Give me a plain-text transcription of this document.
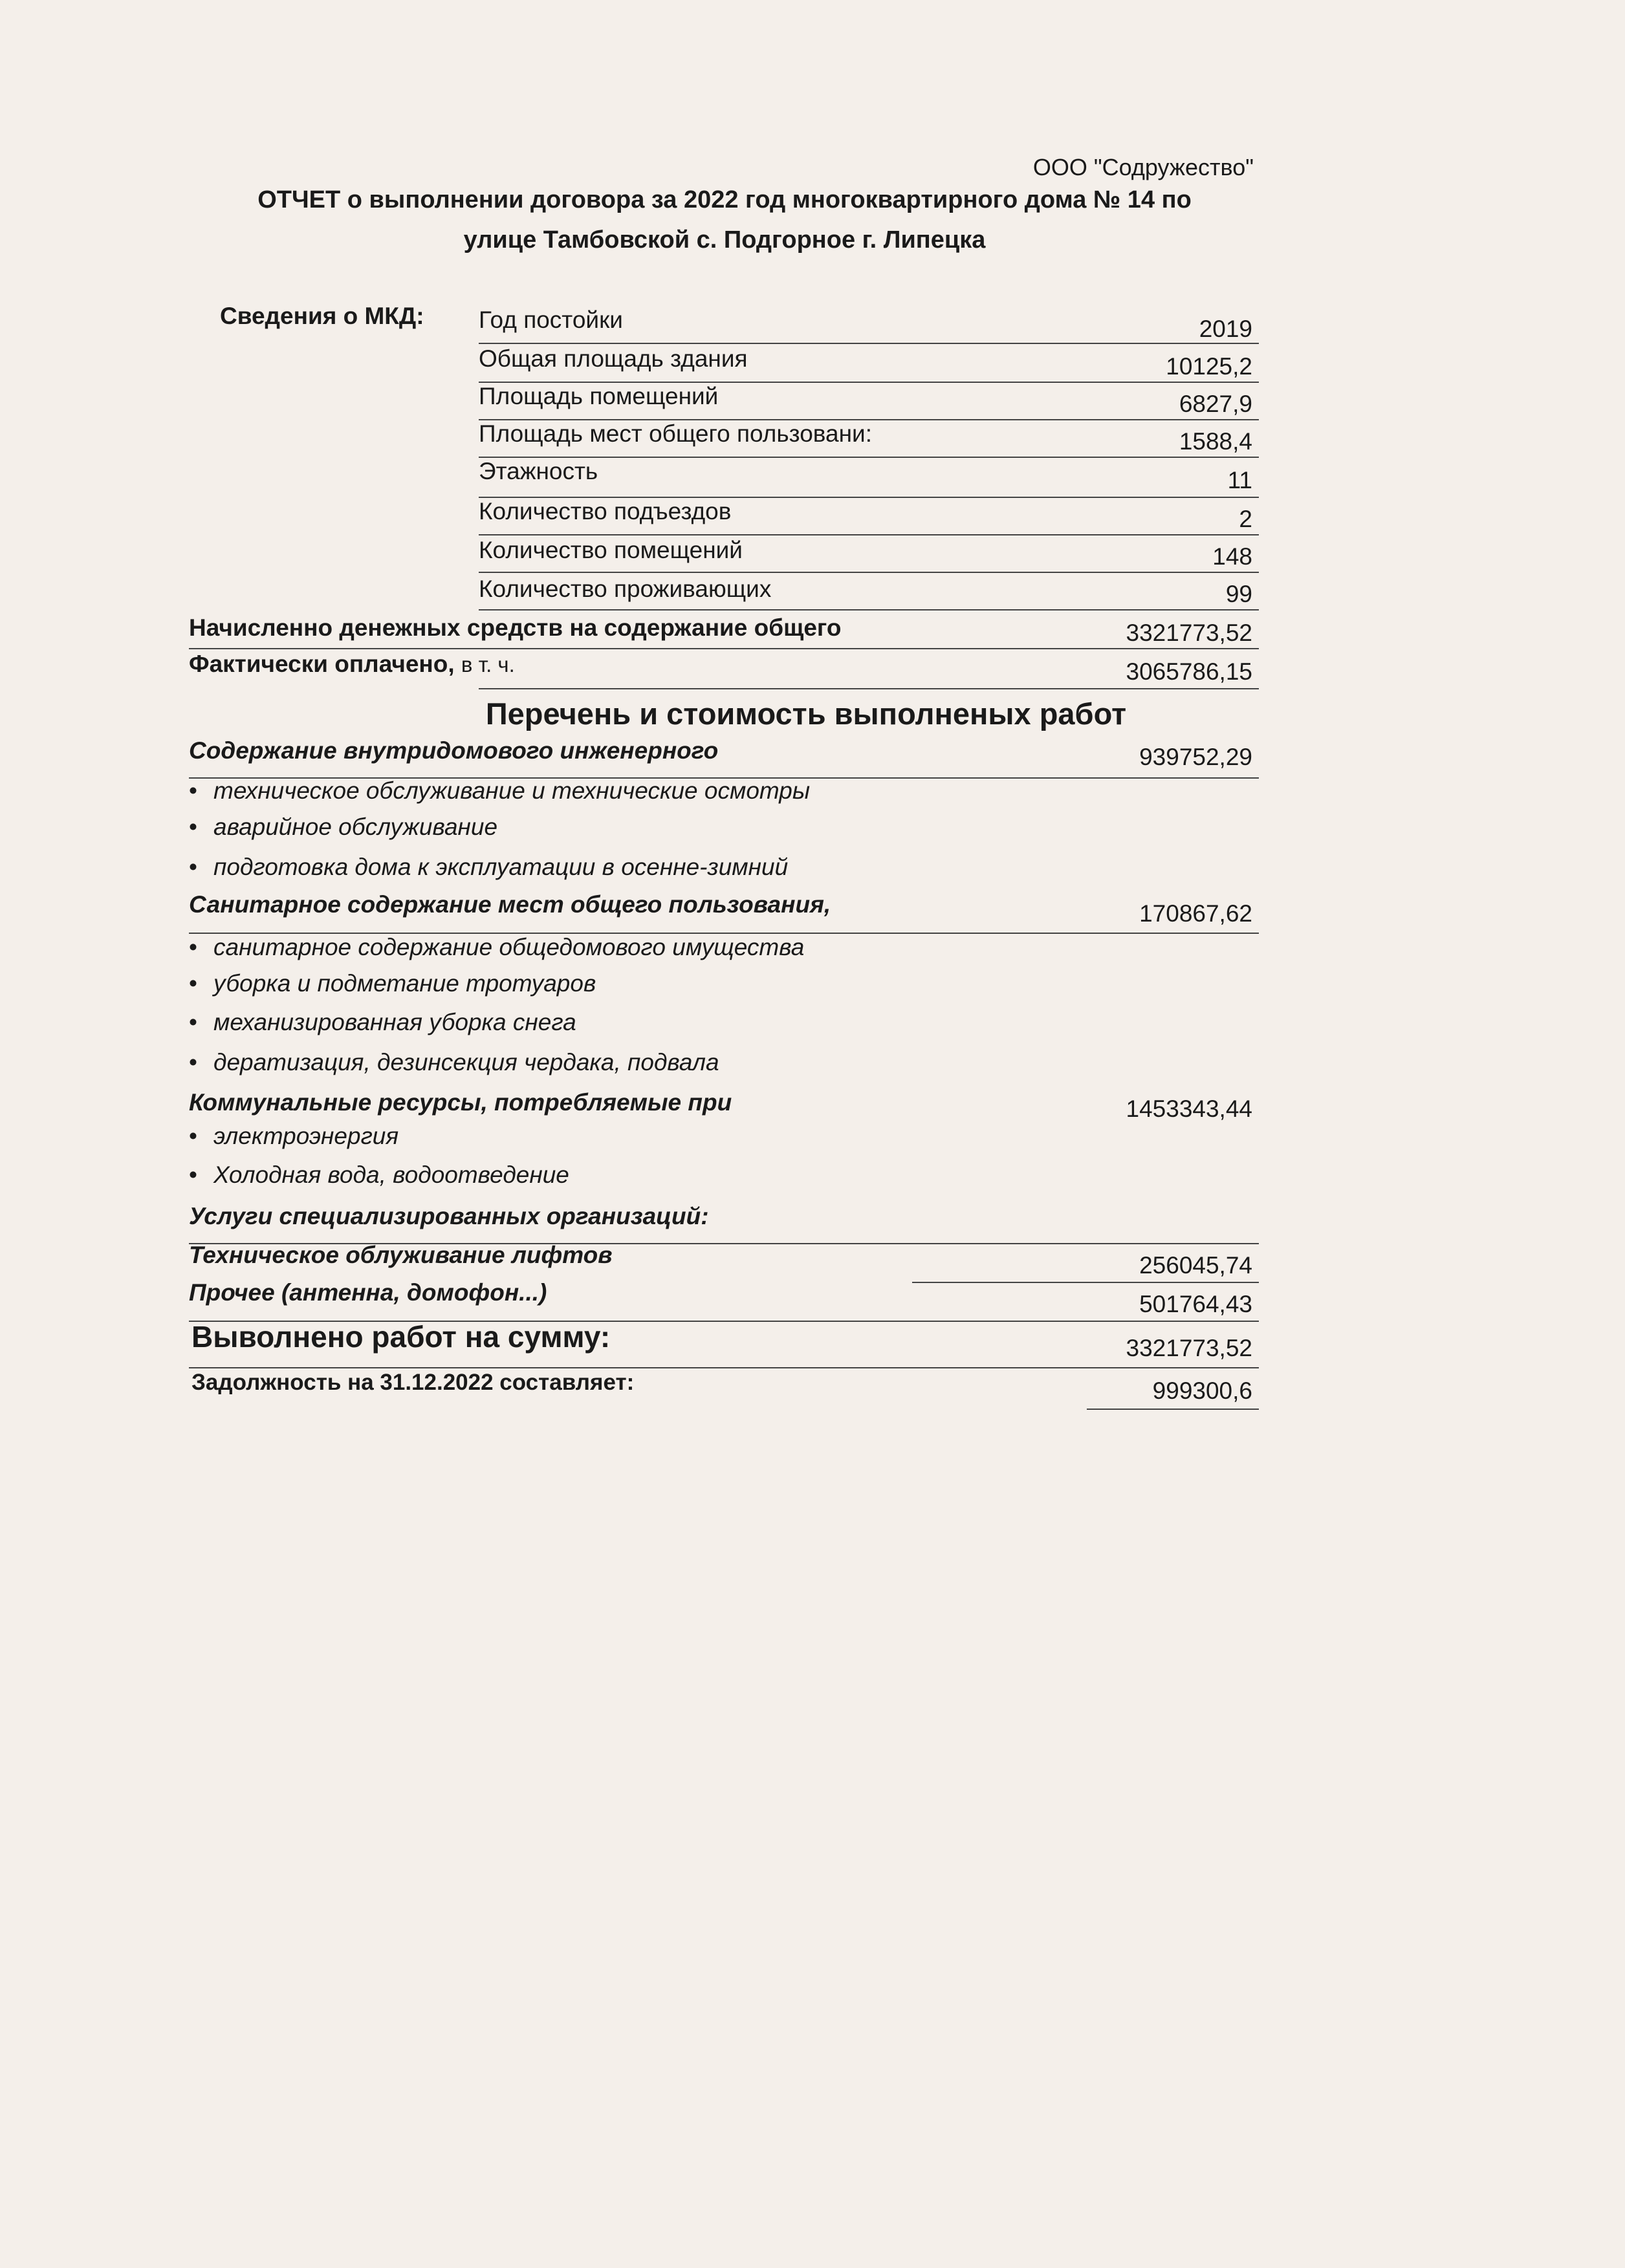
ООО "Содружество"
ОТЧЕТ о выполнении договора за 2022 год многоквартирного дома № 14 по
улице Тамбовской с. Подгорное г. Липецка
Сведения о МКД: Год постойки	2019
Общая площадь здания	10125,2
Площадь помещений	6827,9
Площадь мест общего пользовани:	1588,4
Этажность	11
Количество подъездов	2
Количество помещений	148
Количество проживающих	99
Начисленно денежных средств на содержание общего	3321773,52
Фактически оплачено, в т. ч.	3065786,15
Перечень и стоимость выполненых работ
Содержание внутридомового инженерного	939752,29
• техническое обслуживание и технические осмотры
• аварийное обслуживание
• подготовка дома к эксплуатации в осенне-зимний
Санитарное содержание мест общего пользования,	170867,62
• санитарное содержание общедомового имущества
• уборка и подметание тротуаров
• механизированная уборка снега
• дератизация, дезинсекция чердака, подвала
Коммунальные ресурсы, потребляемые при	1453343,44
• электроэнергия
• Холодная вода, водоотведение
Услуги специализированных организаций:
Техническое облуживание лифтов	256045,74
Прочее (антенна, домофон...)	501764,43
Выволнено работ на сумму:	3321773,52
Задолжность на 31.12.2022 составляет:	999300,6
